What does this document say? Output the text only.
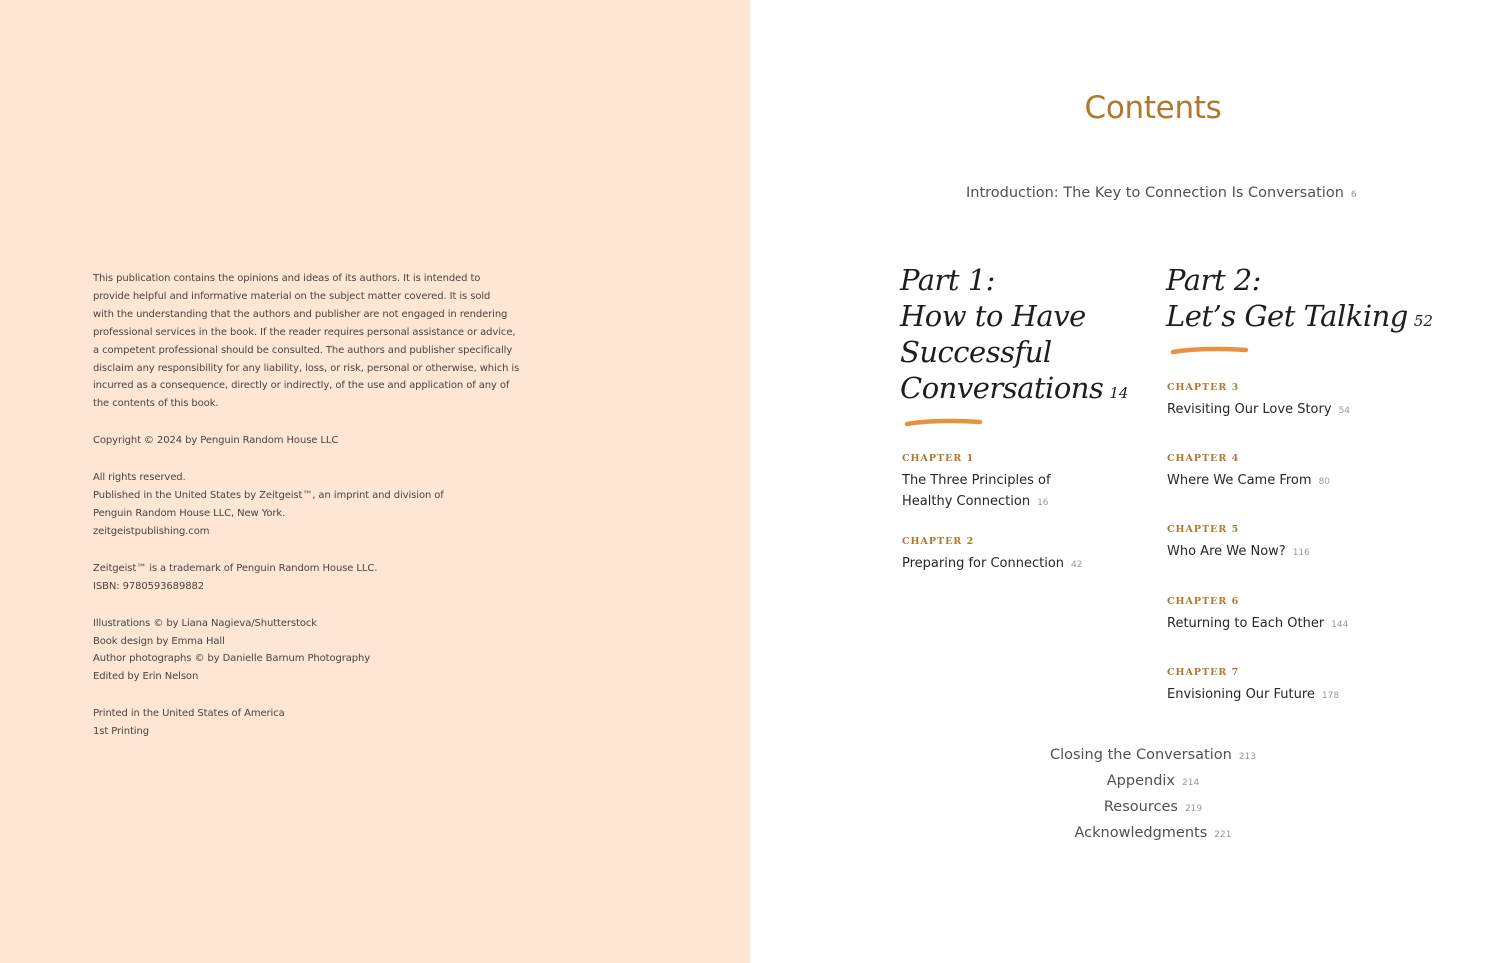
This publication contains the opinions and ideas of its authors. It is intended to
provide helpful and informative material on the subject matter covered. It is sold
with the understanding that the authors and publisher are not engaged in rendering
professional services in the book. If the reader requires personal assistance or advice,
a competent professional should be consulted. The authors and publisher specifically
disclaim any responsibility for any liability, loss, or risk, personal or otherwise, which is
incurred as a consequence, directly or indirectly, of the use and application of any of
the contents of this book.
Copyright © 2024 by Penguin Random House LLC
All rights reserved.
Published in the United States by Zeitgeist™, an imprint and division of
Penguin Random House LLC, New York.
zeitgeistpublishing.com
Zeitgeist™ is a trademark of Penguin Random House LLC.
ISBN: 9780593689882
Illustrations © by Liana Nagieva/Shutterstock
Book design by Emma Hall
Author photographs © by Danielle Barnum Photography
Edited by Erin Nelson
Printed in the United States of America
1st Printing
Contents
Introduction: The Key to Connection Is Conversation 6
Part 1:
How to Have
Successful
Conversations 14
Part 2:
Let’s Get Talking 52
CHAPTER 1
The Three Principles of
Healthy Connection 16
CHAPTER 2
Preparing for Connection 42
CHAPTER 3
Revisiting Our Love Story 54
CHAPTER 4
Where We Came From 80
CHAPTER 5
Who Are We Now? 116
CHAPTER 6
Returning to Each Other 144
CHAPTER 7
Envisioning Our Future 178
Closing the Conversation 213
Appendix 214
Resources 219
Acknowledgments 221
